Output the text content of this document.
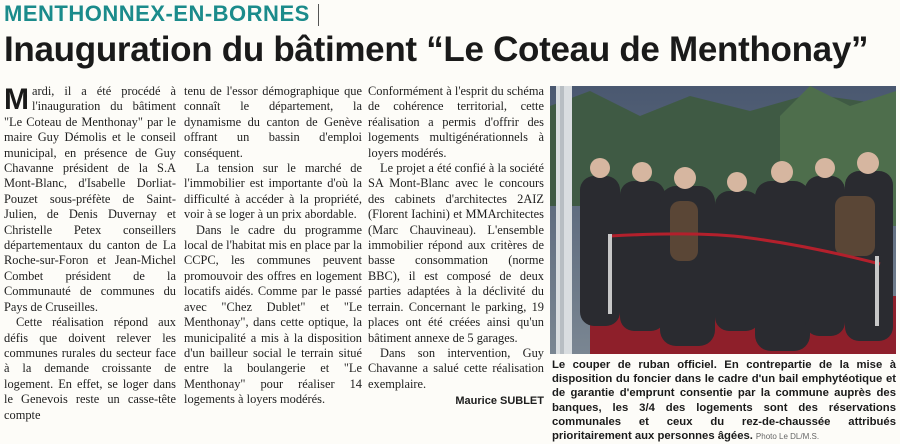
MENTHONNEX-EN-BORNES
Inauguration du bâtiment “Le Coteau de Menthonay”

Mardi, il a été procédé à l'inauguration du bâtiment "Le Coteau de Menthonay" par le maire Guy Démolis et le conseil municipal, en présence de Guy Chavanne président de la S.A Mont-Blanc, d'Isabelle Dorliat-Pouzet sous-préfète de Saint-Julien, de Denis Duvernay et Christelle Petex conseillers départementaux du canton de La Roche-sur-Foron et Jean-Michel Combet président de la Communauté de communes du Pays de Cruseilles.

Cette réalisation répond aux défis que doivent relever les communes rurales du secteur face à la demande croissante de logement. En effet, se loger dans le Genevois reste un casse-tête compte

tenu de l'essor démographique que connaît le département, la dynamisme du canton de Genève offrant un bassin d'emploi conséquent.

La tension sur le marché de l'immobilier est importante d'où la difficulté à accéder à la propriété, voir à se loger à un prix abordable.

Dans le cadre du programme local de l'habitat mis en place par la CCPC, les communes peuvent promouvoir des offres en logement locatifs aidés. Comme par le passé avec "Chez Dublet" et "Le Menthonay", dans cette optique, la municipalité a mis à la disposition d'un bailleur social le terrain situé entre la boulangerie et "Le Menthonay" pour réaliser 14 logements à loyers modérés.

Conformément à l'esprit du schéma de cohérence territorial, cette réalisation a permis d'offrir des logements multigénérationnels à loyers modérés.

Le projet a été confié à la société SA Mont-Blanc avec le concours des cabinets d'architectes 2AIZ (Florent Iachini) et MMArchitectes (Marc Chauvineau). L'ensemble immobilier répond aux critères de basse consommation (norme BBC), il est composé de deux parties adaptées à la déclivité du terrain. Concernant le parking, 19 places ont été créées ainsi qu'un bâtiment annexe de 5 garages.

Dans son intervention, Guy Chavanne a salué cette réalisation exemplaire.

Maurice SUBLET
Le couper de ruban officiel. En contrepartie de la mise à disposition du foncier dans le cadre d'un bail emphytéotique et de garantie d'emprunt consentie par la commune auprès des banques, les 3/4 des logements sont des réservations communales et ceux du rez-de-chaussée attribués prioritairement aux personnes âgées. Photo Le DL/M.S.
